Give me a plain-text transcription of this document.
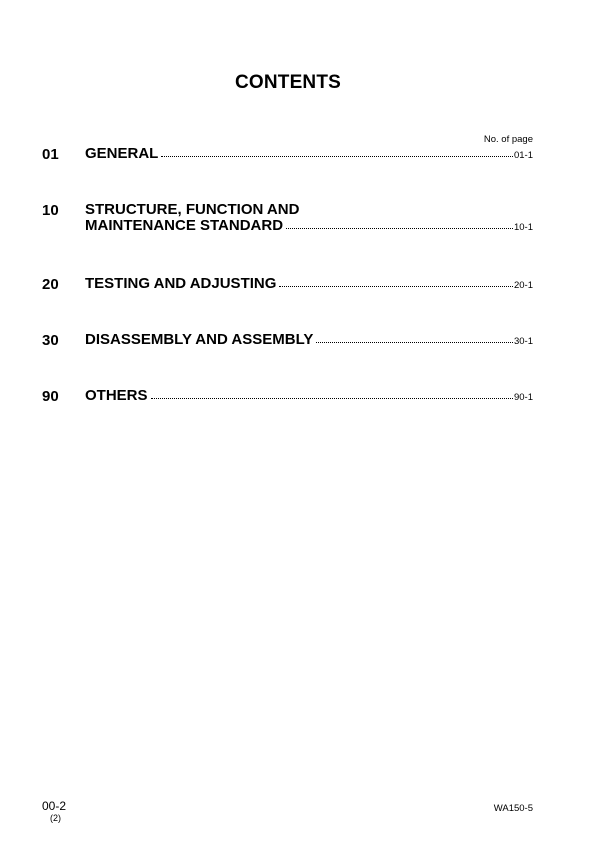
CONTENTS
No. of page
01 GENERAL	01-1
10 STRUCTURE, FUNCTION AND
MAINTENANCE STANDARD	10-1
20 TESTING AND ADJUSTING	20-1
30 DISASSEMBLY AND ASSEMBLY	30-1
90 OTHERS	90-1
00-2
(2)
WA150-5
